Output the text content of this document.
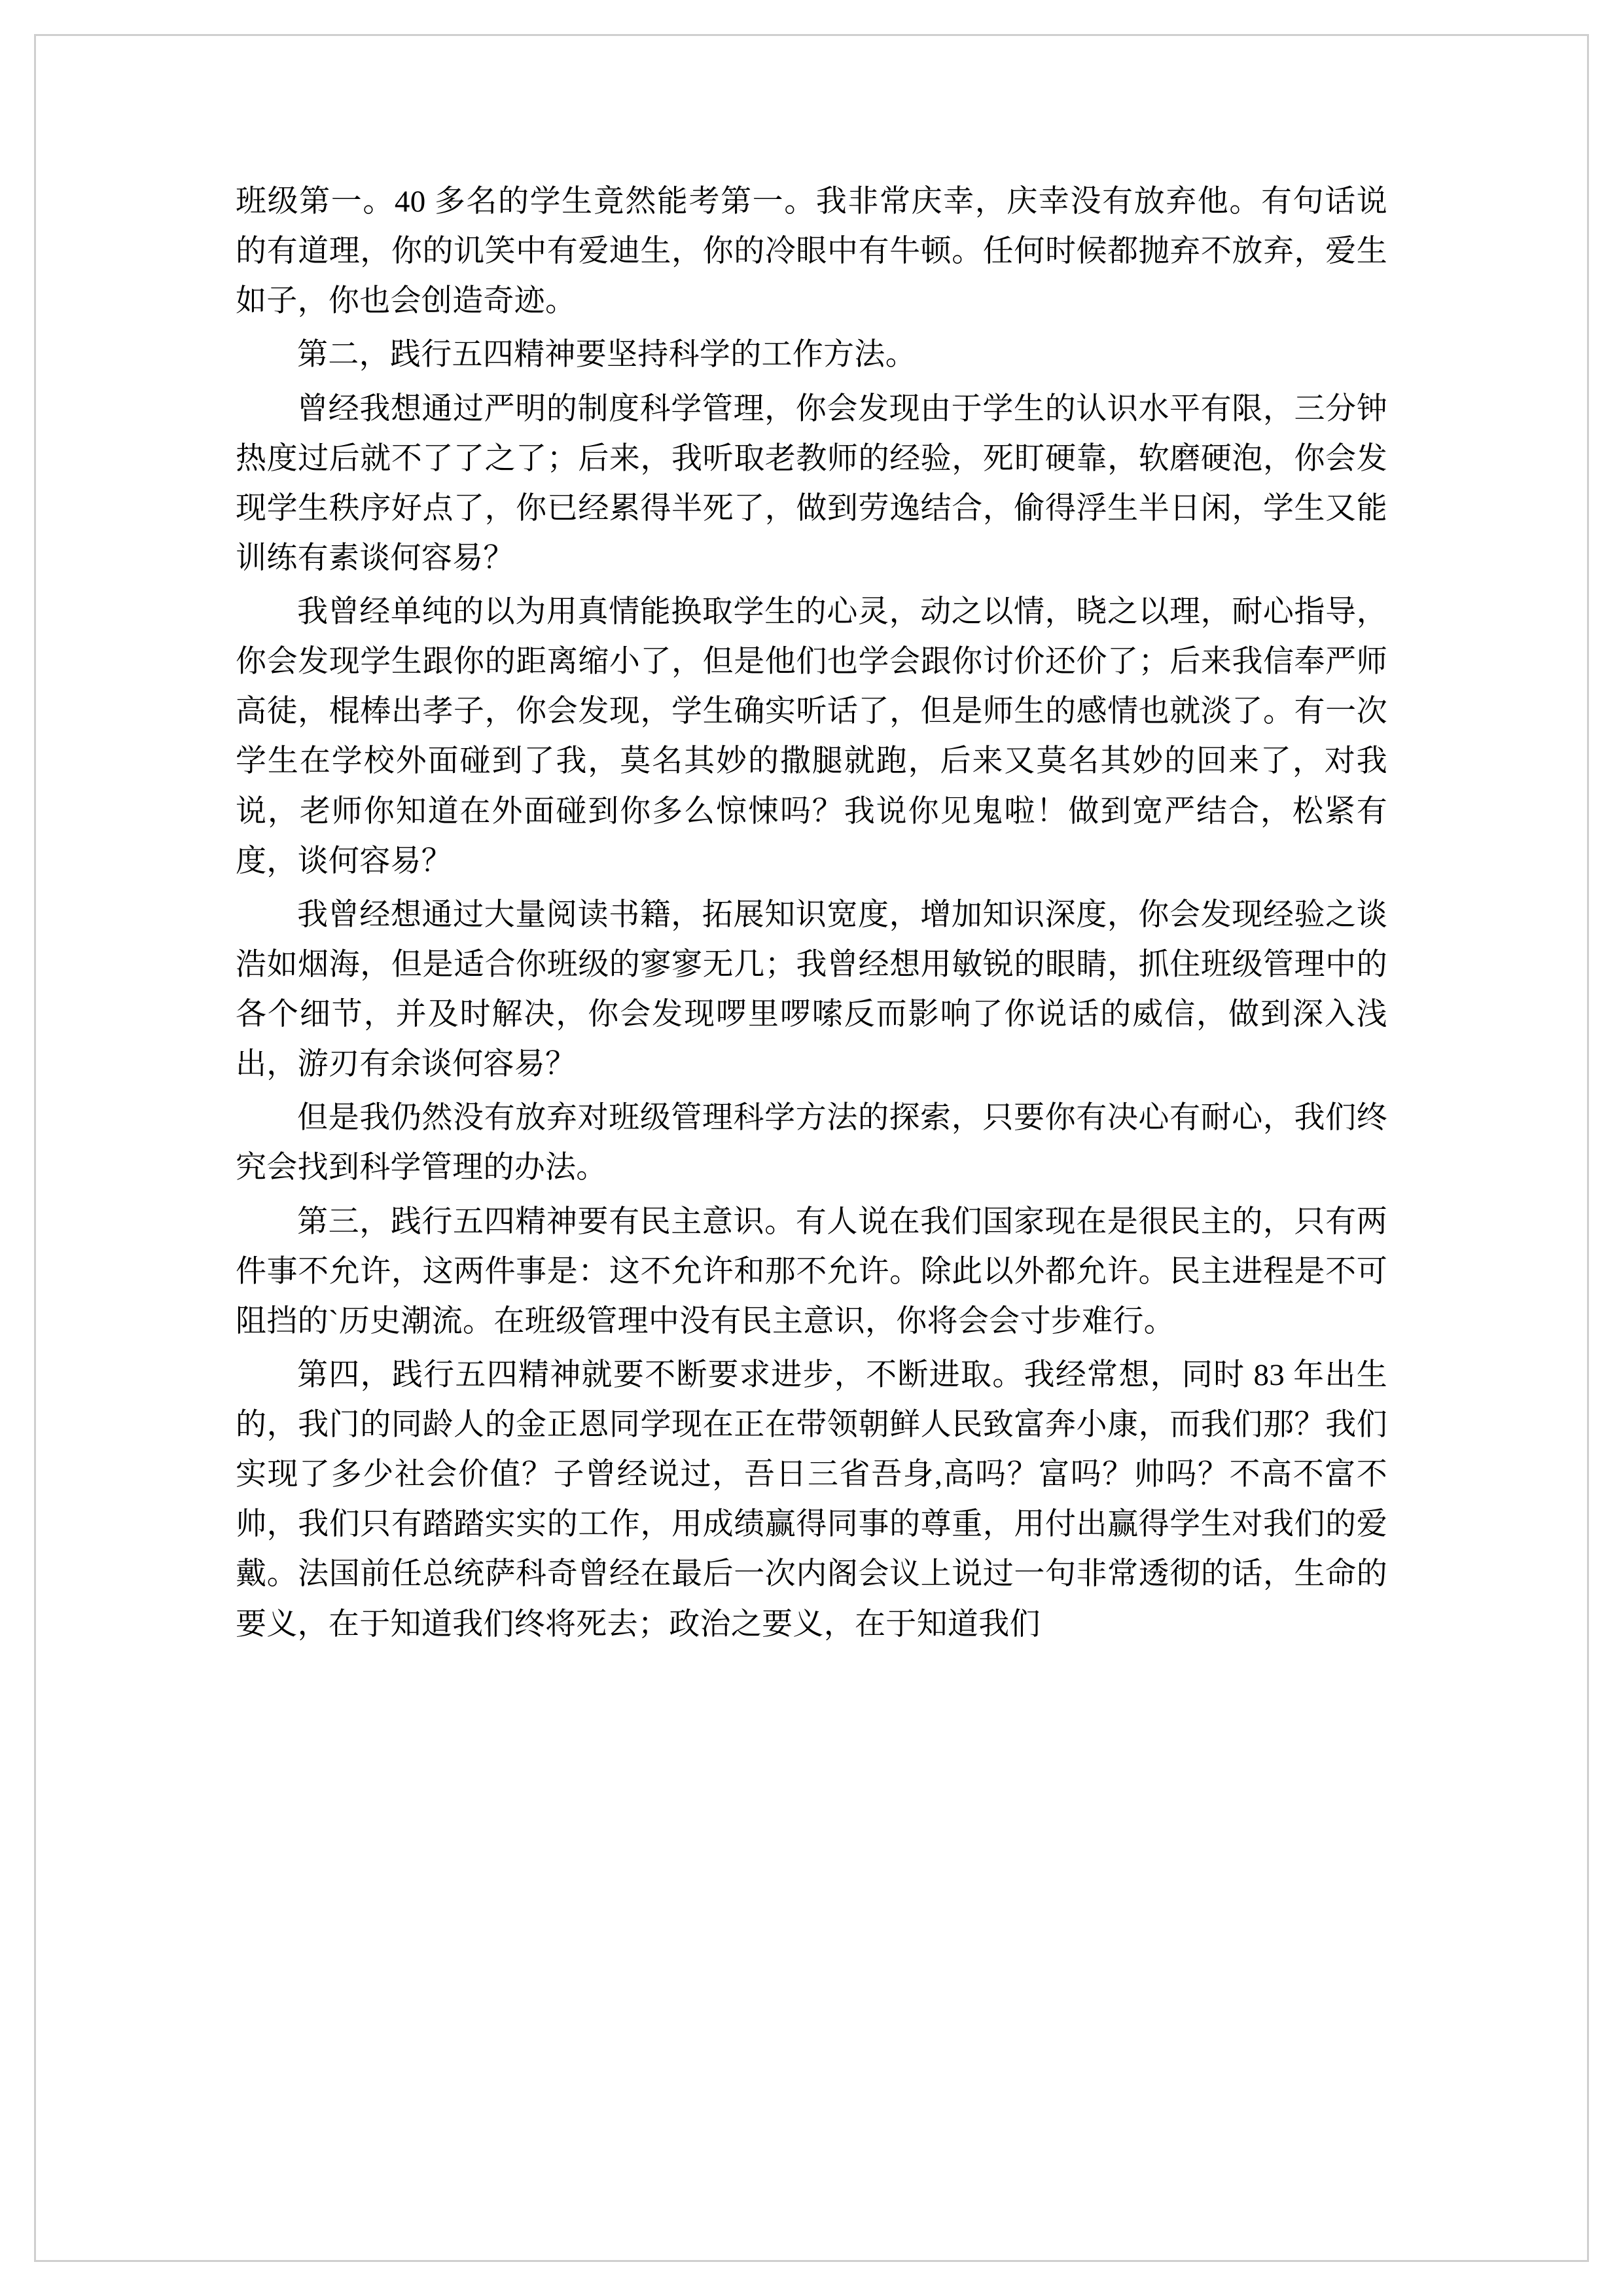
班级第一。40 多名的学生竟然能考第一。我非常庆幸，庆幸没有放弃他。有句话说的有道理，你的讥笑中有爱迪生，你的冷眼中有牛顿。任何时候都抛弃不放弃，爱生如子，你也会创造奇迹。

第二，践行五四精神要坚持科学的工作方法。

曾经我想通过严明的制度科学管理，你会发现由于学生的认识水平有限，三分钟热度过后就不了了之了；后来，我听取老教师的经验，死盯硬靠，软磨硬泡，你会发现学生秩序好点了，你已经累得半死了，做到劳逸结合，偷得浮生半日闲，学生又能训练有素谈何容易？

我曾经单纯的以为用真情能换取学生的心灵，动之以情，晓之以理，耐心指导，你会发现学生跟你的距离缩小了，但是他们也学会跟你讨价还价了；后来我信奉严师高徒，棍棒出孝子，你会发现，学生确实听话了，但是师生的感情也就淡了。有一次学生在学校外面碰到了我，莫名其妙的撒腿就跑，后来又莫名其妙的回来了，对我说，老师你知道在外面碰到你多么惊悚吗？我说你见鬼啦！做到宽严结合，松紧有度，谈何容易？

我曾经想通过大量阅读书籍，拓展知识宽度，增加知识深度，你会发现经验之谈浩如烟海，但是适合你班级的寥寥无几；我曾经想用敏锐的眼睛，抓住班级管理中的各个细节，并及时解决，你会发现啰里啰嗦反而影响了你说话的威信，做到深入浅出，游刃有余谈何容易？

但是我仍然没有放弃对班级管理科学方法的探索，只要你有决心有耐心，我们终究会找到科学管理的办法。

第三，践行五四精神要有民主意识。有人说在我们国家现在是很民主的，只有两件事不允许，这两件事是：这不允许和那不允许。除此以外都允许。民主进程是不可阻挡的`历史潮流。在班级管理中没有民主意识，你将会会寸步难行。

第四，践行五四精神就要不断要求进步，不断进取。我经常想，同时 83 年出生的，我门的同龄人的金正恩同学现在正在带领朝鲜人民致富奔小康，而我们那？我们实现了多少社会价值？子曾经说过，吾日三省吾身,高吗？富吗？帅吗？不高不富不帅，我们只有踏踏实实的工作，用成绩赢得同事的尊重，用付出赢得学生对我们的爱戴。法国前任总统萨科奇曾经在最后一次内阁会议上说过一句非常透彻的话，生命的要义，在于知道我们终将死去；政治之要义，在于知道我们
